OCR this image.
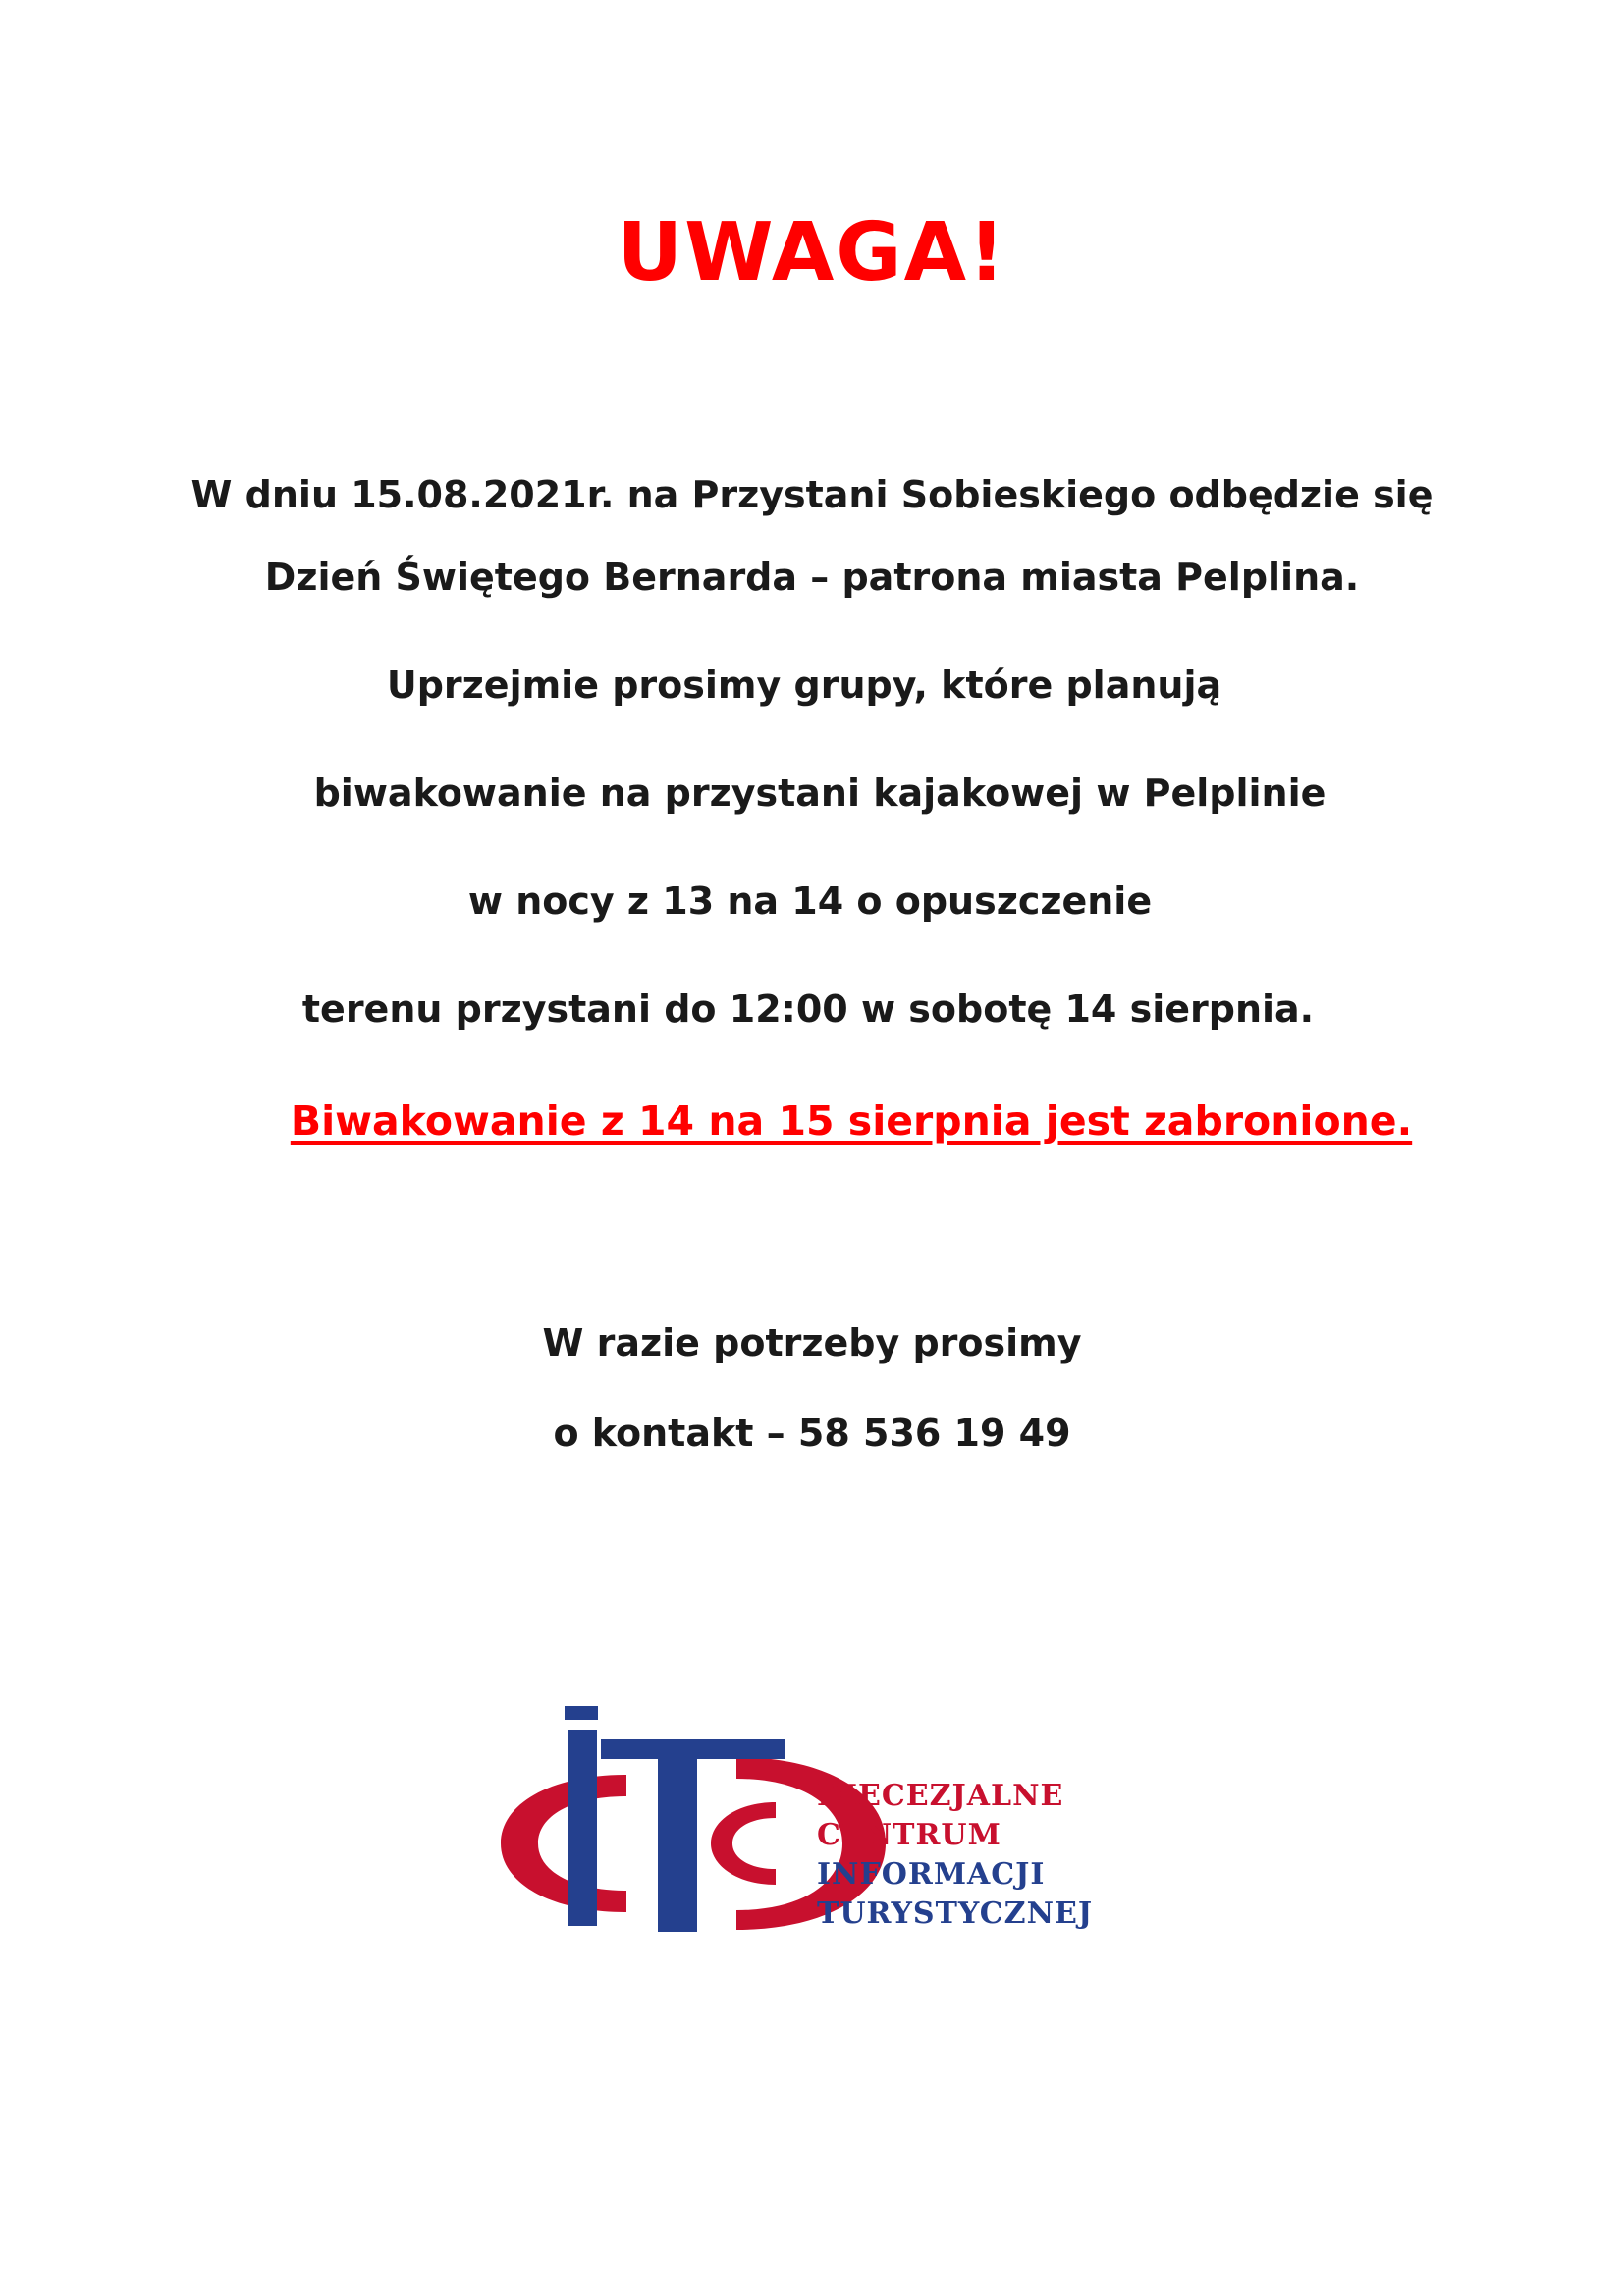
UWAGA!
W dniu 15.08.2021r. na Przystani Sobieskiego odbędzie się
Dzień Świętego Bernarda – patrona miasta Pelplina.
Uprzejmie prosimy grupy, które planują
biwakowanie na przystani kajakowej w Pelplinie
w nocy z 13 na 14 o opuszczenie
terenu przystani do 12:00 w sobotę 14 sierpnia.
Biwakowanie z 14 na 15 sierpnia jest zabronione.
W razie potrzeby prosimy
o kontakt – 58 536 19 49
DIECEZJALNE
CENTRUM
INFORMACJI
TURYSTYCZNEJ
